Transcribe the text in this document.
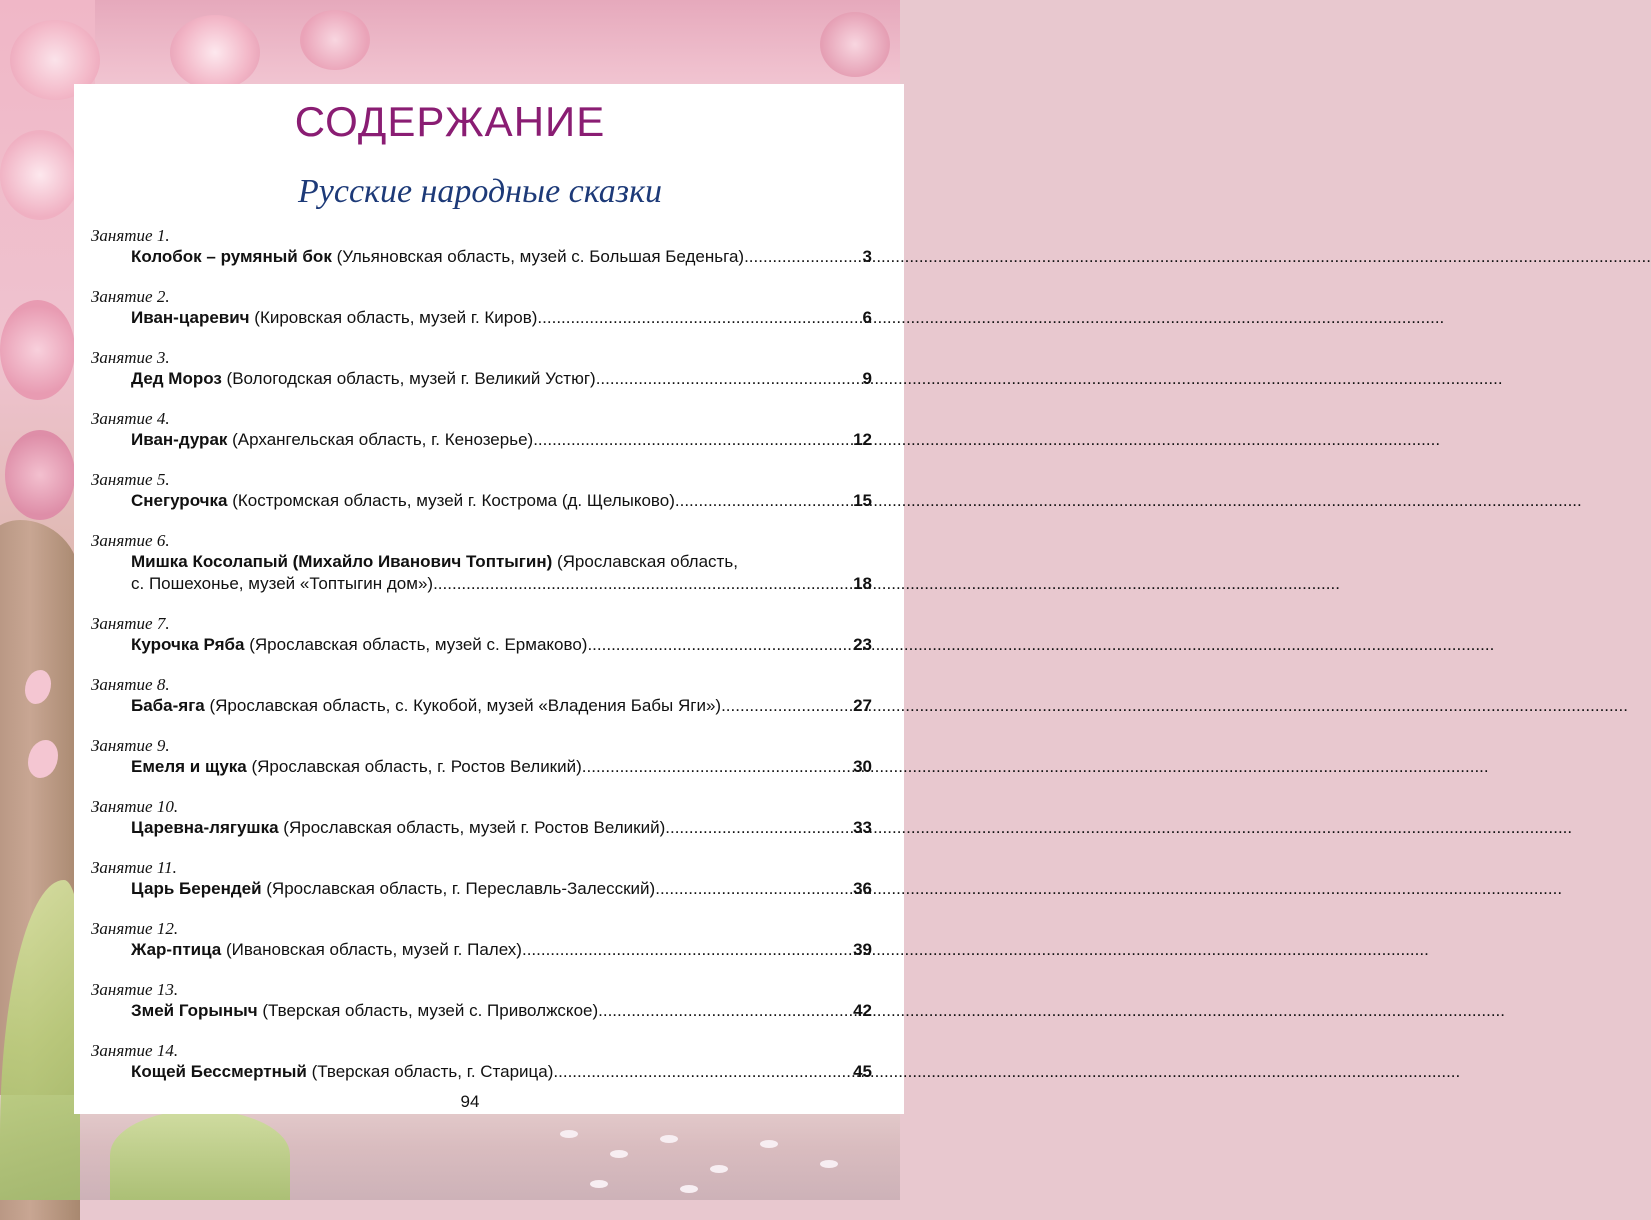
СОДЕРЖАНИЕ
Русские народные сказки
Занятие 1.
Колобок – румяный бок (Ульяновская область, музей с. Большая Беденьга) .....	3
Занятие 2.
Иван-царевич (Кировская область, музей г. Киров) .....	6
Занятие 3.
Дед Мороз (Вологодская область, музей г. Великий Устюг) .....	9
Занятие 4.
Иван-дурак (Архангельская область, г. Кенозерье) .....	12
Занятие 5.
Снегурочка (Костромская область, музей г. Кострома (д. Щелыково) .....	15
Занятие 6.
Мишка Косолапый (Михайло Иванович Топтыгин) (Ярославская область,
с. Пошехонье, музей «Топтыгин дом») .....	18
Занятие 7.
Курочка Ряба (Ярославская область, музей с. Ермаково) .....	23
Занятие 8.
Баба-яга (Ярославская область, с. Кукобой, музей «Владения Бабы Яги») .....	27
Занятие 9.
Емеля и щука (Ярославская область, г. Ростов Великий) .....	30
Занятие 10.
Царевна-лягушка (Ярославская область, музей г. Ростов Великий) .....	33
Занятие 11.
Царь Берендей (Ярославская область, г. Переславль-Залесский) .....	36
Занятие 12.
Жар-птица (Ивановская область, музей г. Палех) .....	39
Занятие 13.
Змей Горыныч (Тверская область, музей с. Приволжское) .....	42
Занятие 14.
Кощей Бессмертный (Тверская область, г. Старица) .....	45
94
